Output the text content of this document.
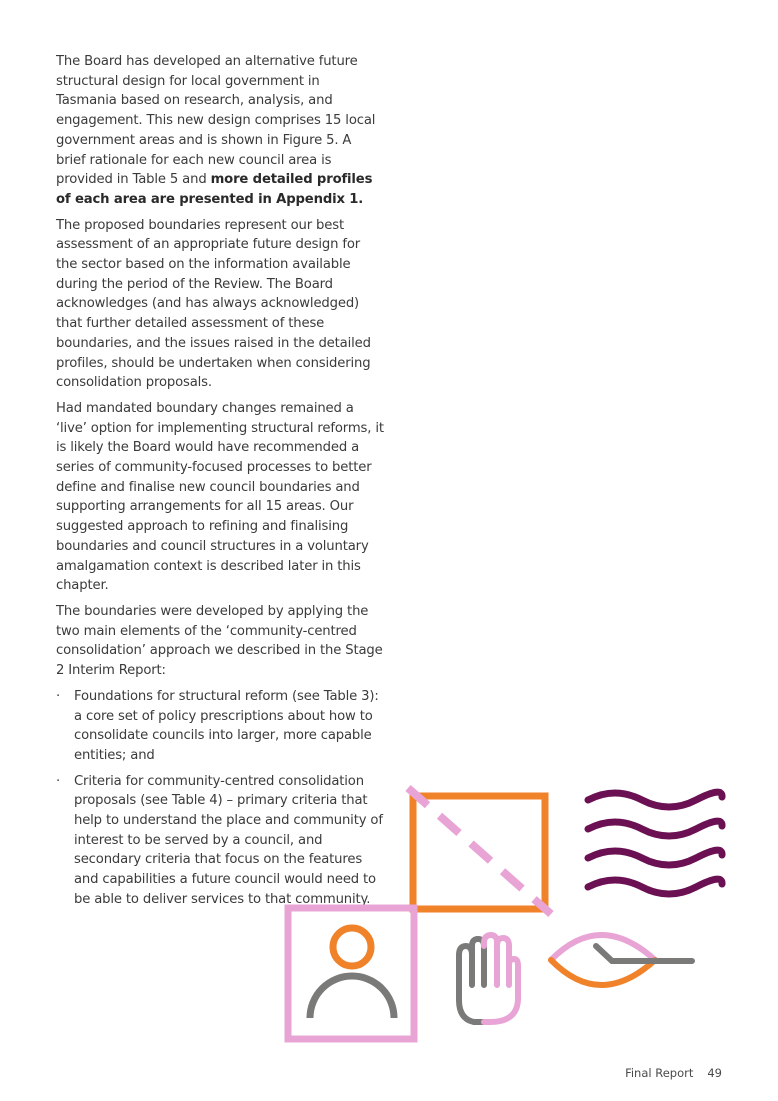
The Board has developed an alternative future structural design for local government in Tasmania based on research, analysis, and engagement. This new design comprises 15 local government areas and is shown in Figure 5. A brief rationale for each new council area is provided in Table 5 and more detailed profiles of each area are presented in Appendix 1.

The proposed boundaries represent our best assessment of an appropriate future design for the sector based on the information available during the period of the Review. The Board acknowledges (and has always acknowledged) that further detailed assessment of these boundaries, and the issues raised in the detailed profiles, should be undertaken when considering consolidation proposals.

Had mandated boundary changes remained a ‘live’ option for implementing structural reforms, it is likely the Board would have recommended a series of community-focused processes to better define and finalise new council boundaries and supporting arrangements for all 15 areas. Our suggested approach to refining and finalising boundaries and council structures in a voluntary amalgamation context is described later in this chapter.

The boundaries were developed by applying the two main elements of the ‘community-centred consolidation’ approach we described in the Stage 2 Interim Report:

· Foundations for structural reform (see Table 3): a core set of policy prescriptions about how to consolidate councils into larger, more capable entities; and
· Criteria for community-centred consolidation proposals (see Table 4) – primary criteria that help to understand the place and community of interest to be served by a council, and secondary criteria that focus on the features and capabilities a future council would need to be able to deliver services to that community.
Final Report 49
